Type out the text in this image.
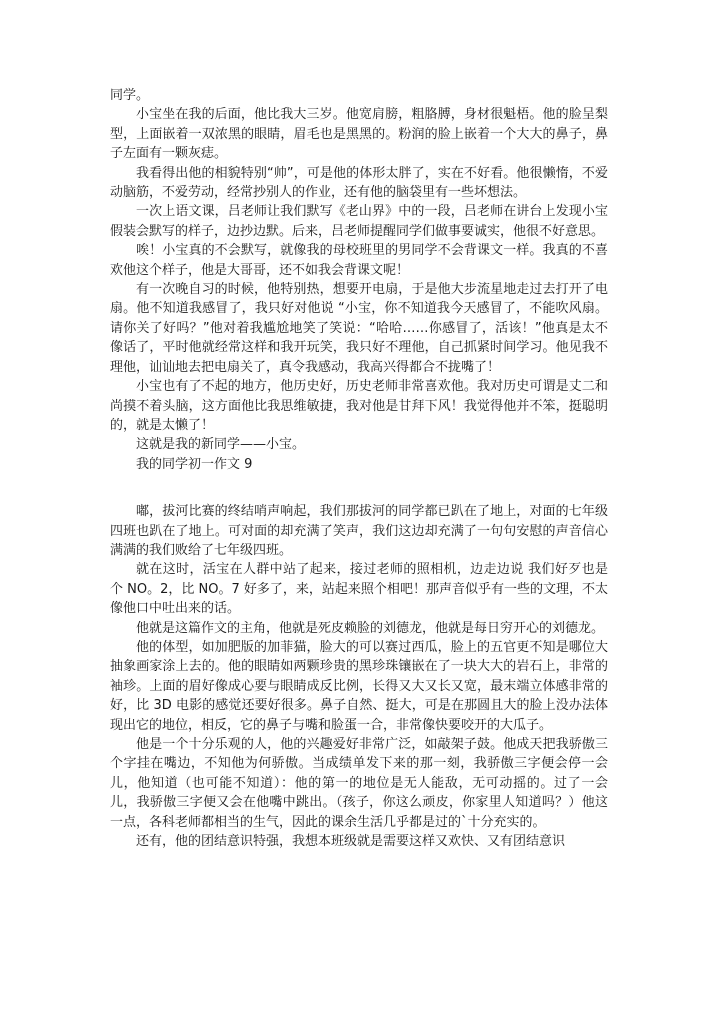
同学。

小宝坐在我的后面，他比我大三岁。他宽肩膀，粗胳膊，身材很魁梧。他的脸呈梨型，上面嵌着一双浓黑的眼睛，眉毛也是黑黑的。粉润的脸上嵌着一个大大的鼻子，鼻子左面有一颗灰痣。

我看得出他的相貌特别“帅”，可是他的体形太胖了，实在不好看。他很懒惰，不爱动脑筋，不爱劳动，经常抄别人的作业，还有他的脑袋里有一些坏想法。

一次上语文课，吕老师让我们默写《老山界》中的一段，吕老师在讲台上发现小宝假装会默写的样子，边抄边默。后来，吕老师提醒同学们做事要诚实，他很不好意思。

唉！小宝真的不会默写，就像我的母校班里的男同学不会背课文一样。我真的不喜欢他这个样子，他是大哥哥，还不如我会背课文呢！

有一次晚自习的时候，他特别热，想要开电扇，于是他大步流星地走过去打开了电扇。他不知道我感冒了，我只好对他说 “小宝，你不知道我今天感冒了，不能吹风扇。请你关了好吗？”他对着我尴尬地笑了笑说：“哈哈……你感冒了，活该！”他真是太不像话了，平时他就经常这样和我开玩笑，我只好不理他，自己抓紧时间学习。他见我不理他，讪讪地去把电扇关了，真令我感动，我高兴得都合不拢嘴了！

小宝也有了不起的地方，他历史好，历史老师非常喜欢他。我对历史可谓是丈二和尚摸不着头脑，这方面他比我思维敏捷，我对他是甘拜下风！我觉得他并不笨，挺聪明的，就是太懒了！

这就是我的新同学——小宝。

我的同学初一作文 9

嘟，拔河比赛的终结哨声响起，我们那拔河的同学都已趴在了地上，对面的七年级四班也趴在了地上。可对面的却充满了笑声，我们这边却充满了一句句安慰的声音信心满满的我们败给了七年级四班。

就在这时，活宝在人群中站了起来，接过老师的照相机，边走边说 我们好歹也是个 NO。2，比 NO。7 好多了，来，站起来照个相吧！那声音似乎有一些的文理，不太像他口中吐出来的话。

他就是这篇作文的主角，他就是死皮赖脸的刘德龙，他就是每日穷开心的刘德龙。

他的体型，如加肥版的加菲猫，脸大的可以赛过西瓜，脸上的五官更不知是哪位大抽象画家涂上去的。他的眼睛如两颗珍贵的黑珍珠镶嵌在了一块大大的岩石上，非常的袖珍。上面的眉好像成心要与眼睛成反比例，长得又大又长又宽，最末端立体感非常的好，比 3D 电影的感觉还要好很多。鼻子自然、挺大，可是在那圆且大的脸上没办法体现出它的地位，相反，它的鼻子与嘴和脸蛋一合，非常像快要咬开的大瓜子。

他是一个十分乐观的人，他的兴趣爱好非常广泛，如敲架子鼓。他成天把我骄傲三个字挂在嘴边，不知他为何骄傲。当成绩单发下来的那一刻，我骄傲三字便会停一会儿，他知道（也可能不知道）：他的第一的地位是无人能敌，无可动摇的。过了一会儿，我骄傲三字便又会在他嘴中跳出。（孩子，你这么顽皮，你家里人知道吗？）他这一点，各科老师都相当的生气，因此的课余生活几乎都是过的`十分充实的。

还有，他的团结意识特强，我想本班级就是需要这样又欢快、又有团结意识
